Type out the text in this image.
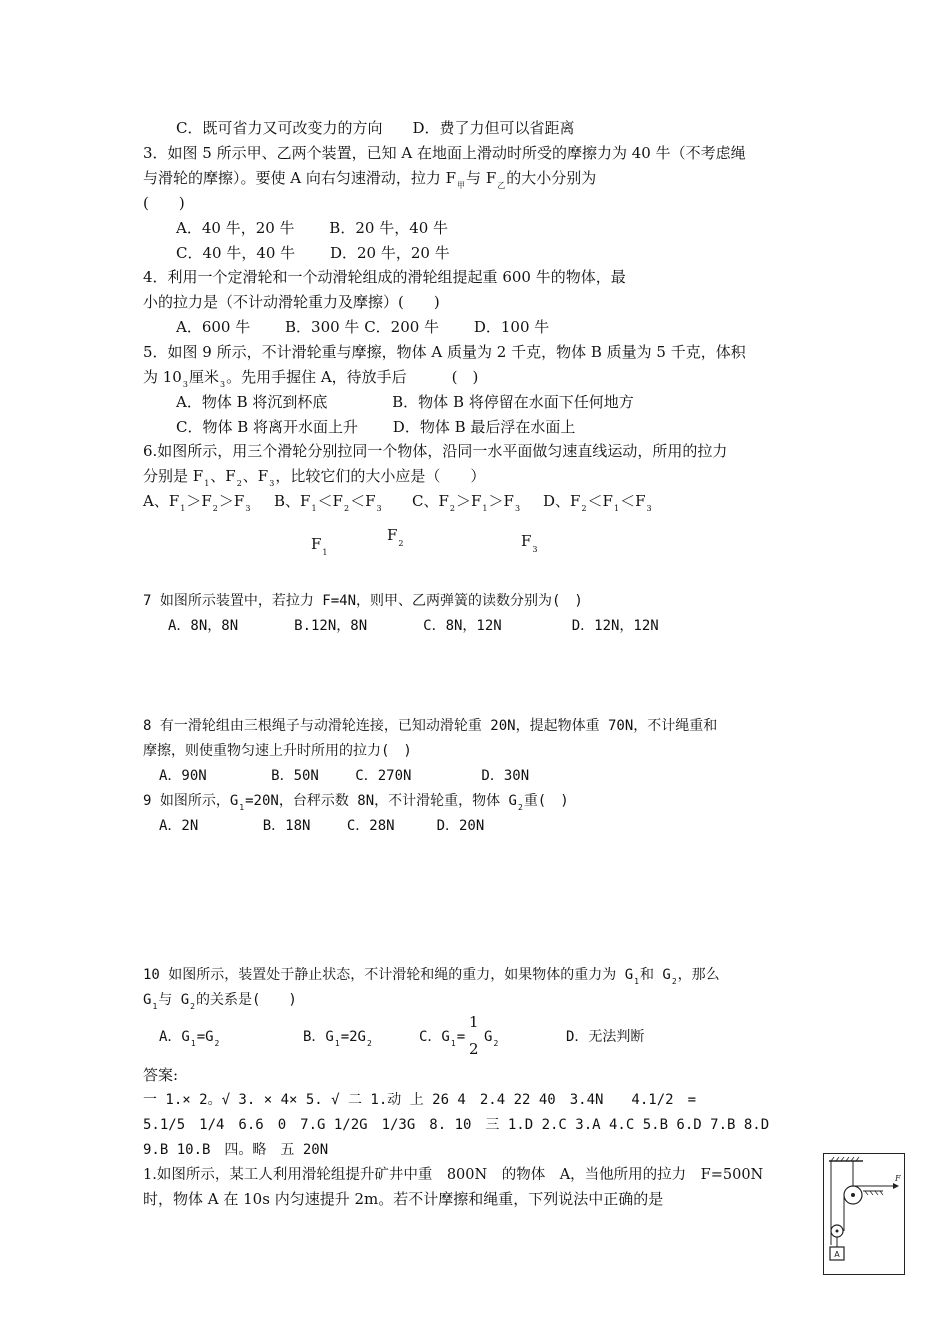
C．既可省力又可改变力的方向　　D．费了力但可以省距离
3．如图 5 所示甲、乙两个装置，已知 A 在地面上滑动时所受的摩擦力为 40 牛（不考虑绳
与滑轮的摩擦）。要使 A 向右匀速滑动，拉力 $F_甲$与 $F_乙$的大小分别为
(　　)
A．40 牛，20 牛　　 B．20 牛，40 牛
C．40 牛，40 牛　　 D．20 牛，20 牛
4．利用一个定滑轮和一个动滑轮组成的滑轮组提起重 600 牛的物体，最
小的拉力是（不计动滑轮重力及摩擦）(　　)
A．600 牛　　 B．300 牛 C．200 牛　　 D．100 牛
5．如图 9 所示，不计滑轮重与摩擦，物体 A 质量为 2 千克，物体 B 质量为 5 千克，体积
为 $10_3$厘米$_3$。先用手握住 A，待放手后　　　(　)
A．物体 B 将沉到杯底　　　　 B．物体 B 将停留在水面下任何地方
C．物体 B 将离开水面上升　　 D．物体 B 最后浮在水面上
6.如图所示，用三个滑轮分别拉同一个物体，沿同一水平面做匀速直线运动，所用的拉力
分别是 $F_1$、$F_2$、$F_3$，比较它们的大小应是（　　）
A、$F_1>F_2>F_3$ B、$F_1<F_2<F_3$ C、$F_2>F_1>F_3$ D、$F_2<F_1<F_3$
$F_1$
$F_2$	$F_3$
7 如图所示装置中，若拉力 F=4N，则甲、乙两弹簧的读数分别为(　)
A．8N，8N　　　　B.12N，8N　　　　C．8N，12N　　　　　D．12N，12N
8 有一滑轮组由三根绳子与动滑轮连接，已知动滑轮重 20N，提起物体重 70N，不计绳重和
摩擦，则使重物匀速上升时所用的拉力(　)
A．90N　　　　 B．50N　　 C．270N　　　　　D．30N
9 如图所示，$G_1=20N$，台秤示数 8N，不计滑轮重，物体 $G_2$重(　)
A．2N　　　　 B．18N　　 C．28N　　　D．20N
10 如图所示，装置处于静止状态，不计滑轮和绳的重力，如果物体的重力为 $G_1$和 $G_2$，那么
$G_1$与 $G_2$的关系是(　　)
A．$G_1=G_2$	B．$G_1=2G_2$	C．$G_1=$
1
2
$G_2$	D．无法判断
答案:
一 1.× 2。√ 3. × 4× 5. √ 二 1.动 上 26 4　2.4 22 40　3.4N　　4.1/2　=
5.1/5　1/4　6.6　0　7.G 1/2G　1/3G　8. 10　三 1.D 2.C 3.A 4.C 5.B 6.D 7.B 8.D
9.B 10.B　四。略　五 20N
1.如图所示，某工人利用滑轮组提升矿井中重　800N　的物体　A，当他所用的拉力　F=500N
时，物体 A 在 10s 内匀速提升 2m。若不计摩擦和绳重，下列说法中正确的是
F
A
